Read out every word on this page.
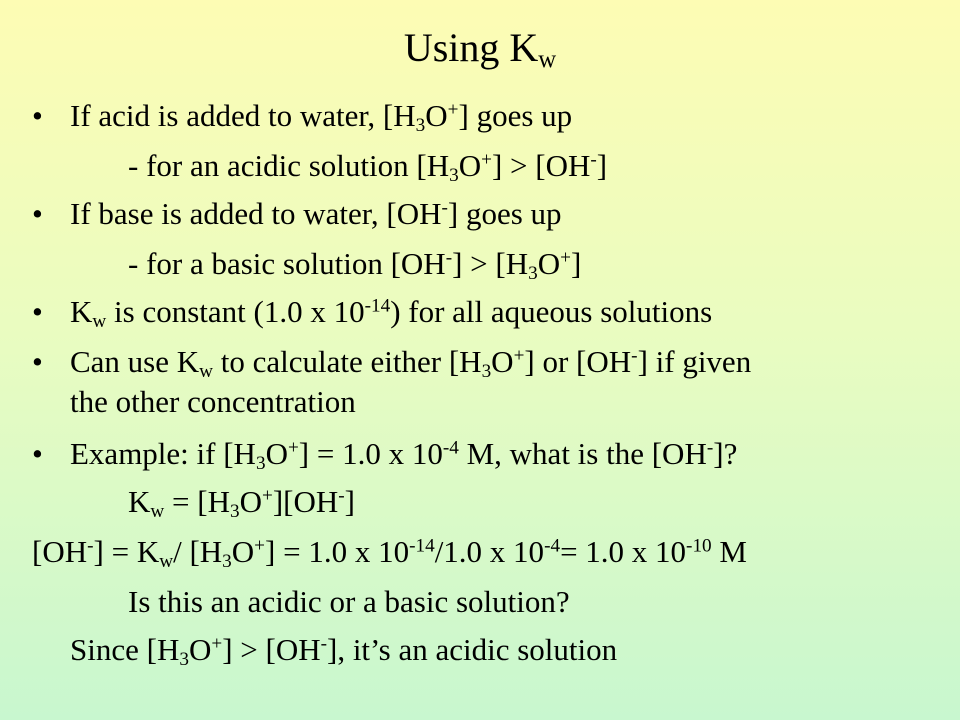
Using $K_w$
• If acid is added to water, $[H_3O^+]$ goes up
- for an acidic solution $[H_3O^+] > [OH^-]$
• If base is added to water, [OH-] goes up
- for a basic solution $[OH^-] > [H_3O^+]$
• $K_w$ is constant (1.0 x $10^{-14}$) for all aqueous solutions
• Can use $K_w$ to calculate either $[H_3O^+]$ or [OH-] if given
the other concentration
• Example: if $[H_3O^+] = 1.0$ x $10^{-4}$ M, what is the [OH-]?
$K_w = [H_3O^+][OH^-]$
$[OH^-] = K_w/$ $[H_3O^+] = 1.0$ x $10^{-14}/1.0$ x $10^{-4}= 1.0$ x $10^{-10}$ M
Is this an acidic or a basic solution?
Since $[H_3O^+] > [OH^-]$, it’s an acidic solution
